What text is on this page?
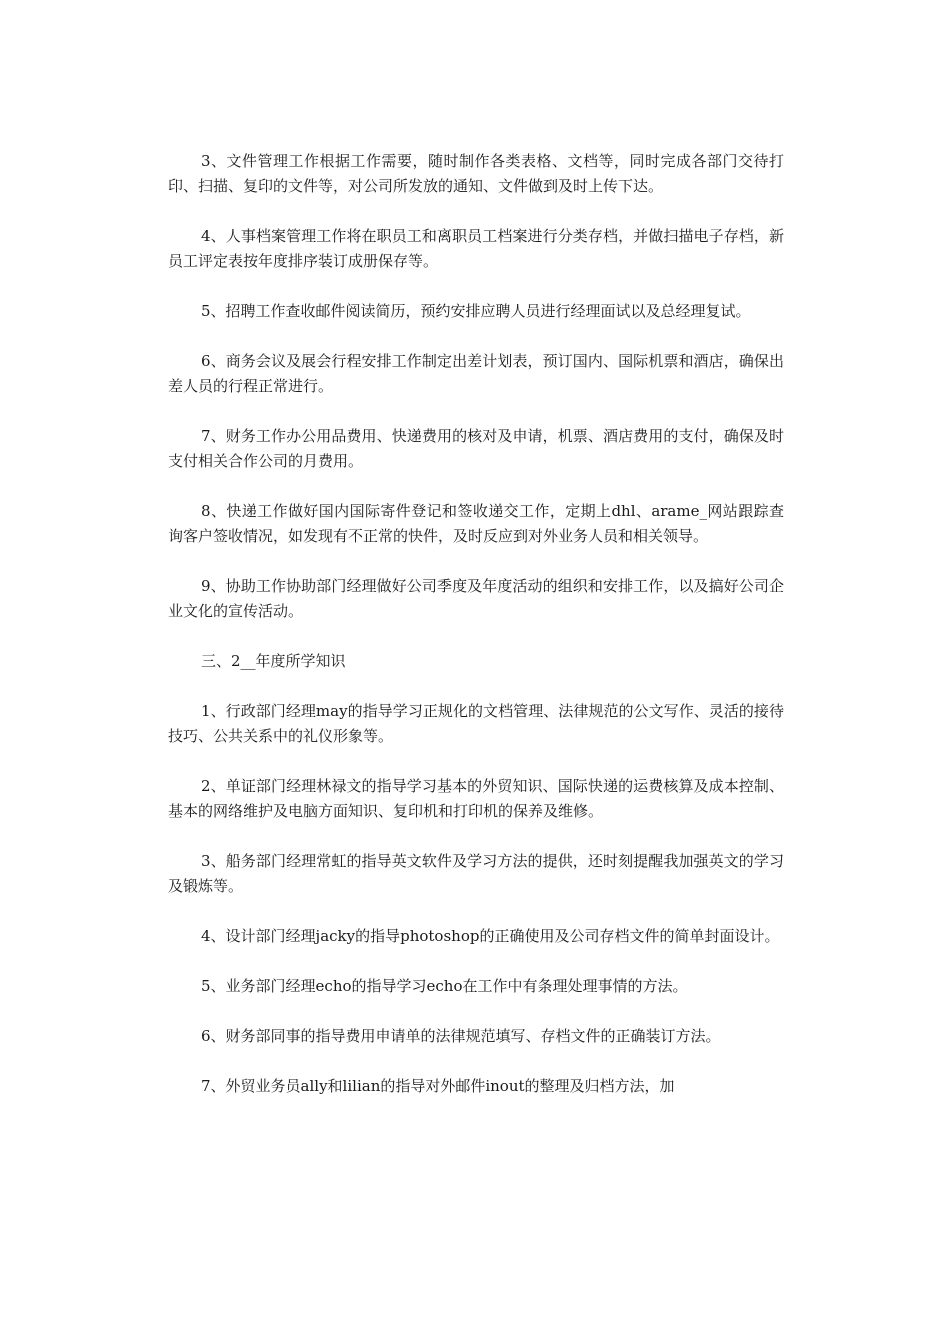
3、文件管理工作根据工作需要，随时制作各类表格、文档等，同时完成各部门交待打印、扫描、复印的文件等，对公司所发放的通知、文件做到及时上传下达。

4、人事档案管理工作将在职员工和离职员工档案进行分类存档，并做扫描电子存档，新员工评定表按年度排序装订成册保存等。

5、招聘工作查收邮件阅读简历，预约安排应聘人员进行经理面试以及总经理复试。

6、商务会议及展会行程安排工作制定出差计划表，预订国内、国际机票和酒店，确保出差人员的行程正常进行。

7、财务工作办公用品费用、快递费用的核对及申请，机票、酒店费用的支付，确保及时支付相关合作公司的月费用。

8、快递工作做好国内国际寄件登记和签收递交工作，定期上dhl、arame_网站跟踪查询客户签收情况，如发现有不正常的快件，及时反应到对外业务人员和相关领导。

9、协助工作协助部门经理做好公司季度及年度活动的组织和安排工作，以及搞好公司企业文化的宣传活动。

三、2__年度所学知识

1、行政部门经理may的指导学习正规化的文档管理、法律规范的公文写作、灵活的接待技巧、公共关系中的礼仪形象等。

2、单证部门经理林禄文的指导学习基本的外贸知识、国际快递的运费核算及成本控制、基本的网络维护及电脑方面知识、复印机和打印机的保养及维修。

3、船务部门经理常虹的指导英文软件及学习方法的提供，还时刻提醒我加强英文的学习及锻炼等。

4、设计部门经理jacky的指导photoshop的正确使用及公司存档文件的简单封面设计。

5、业务部门经理echo的指导学习echo在工作中有条理处理事情的方法。

6、财务部同事的指导费用申请单的法律规范填写、存档文件的正确装订方法。

7、外贸业务员ally和lilian的指导对外邮件inout的整理及归档方法，加
